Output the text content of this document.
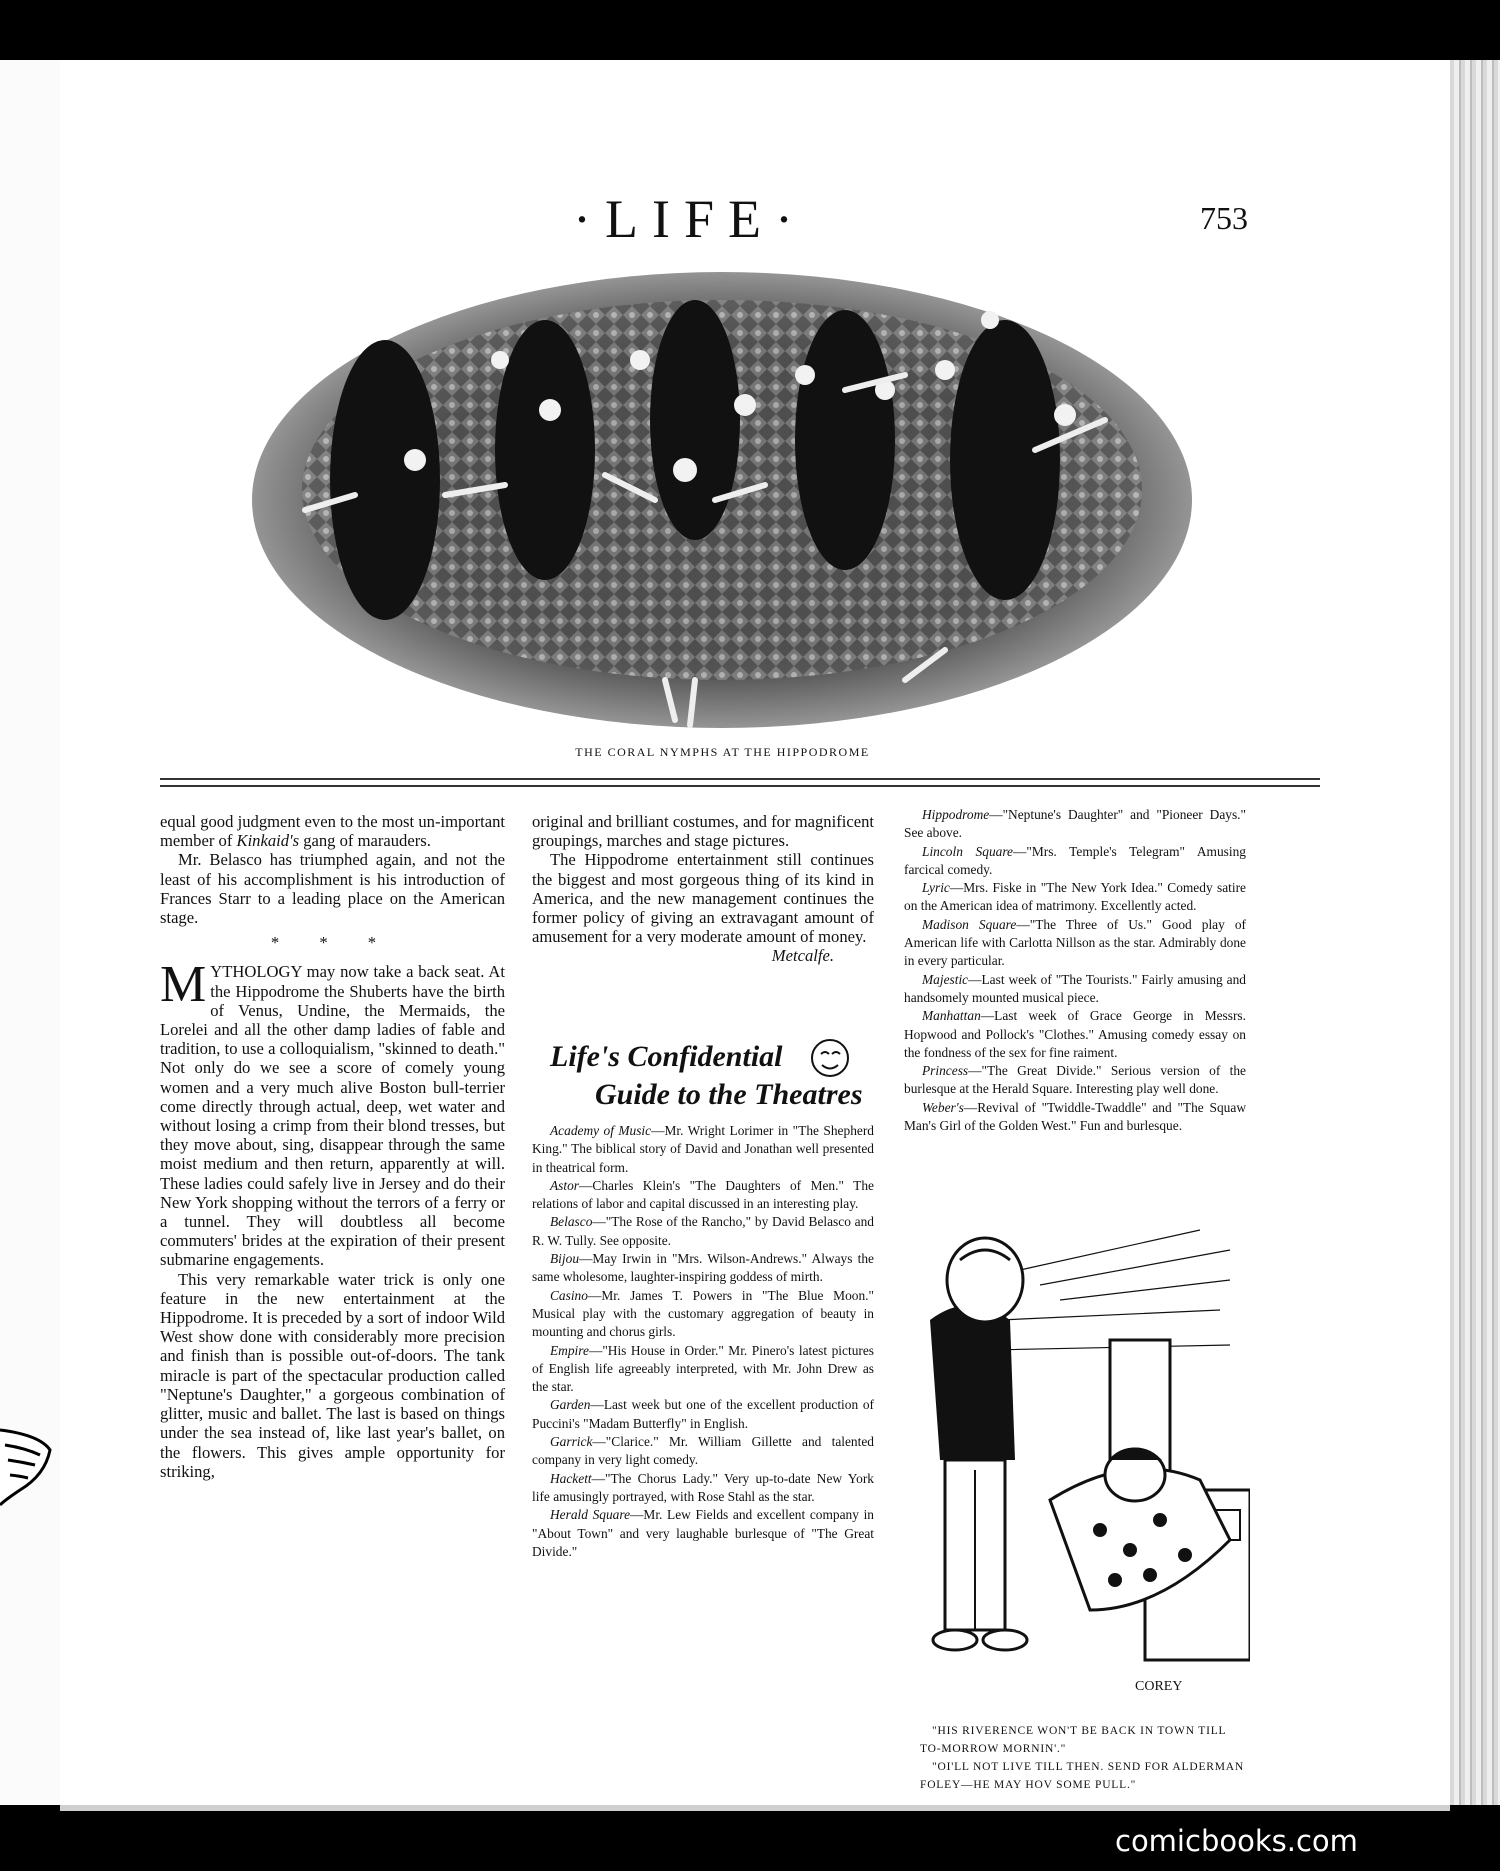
·LIFE·	753
THE CORAL NYMPHS AT THE HIPPODROME

equal good judgment even to the most un-important member of Kinkaid's gang of marauders.

Mr. Belasco has triumphed again, and not the least of his accomplishment is his introduction of Frances Starr to a leading place on the American stage.

* * *

MYTHOLOGY may now take a back seat. At the Hippodrome the Shuberts have the birth of Venus, Undine, the Mermaids, the Lorelei and all the other damp ladies of fable and tradition, to use a colloquialism, "skinned to death." Not only do we see a score of comely young women and a very much alive Boston bull-terrier come directly through actual, deep, wet water and without losing a crimp from their blond tresses, but they move about, sing, disappear through the same moist medium and then return, apparently at will. These ladies could safely live in Jersey and do their New York shopping without the terrors of a ferry or a tunnel. They will doubtless all become commuters' brides at the expiration of their present submarine engagements.

This very remarkable water trick is only one feature in the new entertainment at the Hippodrome. It is preceded by a sort of indoor Wild West show done with considerably more precision and finish than is possible out-of-doors. The tank miracle is part of the spectacular production called "Neptune's Daughter," a gorgeous combination of glitter, music and ballet. The last is based on things under the sea instead of, like last year's ballet, on the flowers. This gives ample opportunity for striking,

original and brilliant costumes, and for magnificent groupings, marches and stage pictures.

The Hippodrome entertainment still continues the biggest and most gorgeous thing of its kind in America, and the new management continues the former policy of giving an extravagant amount of amusement for a very moderate amount of money.

Metcalfe.
Life's Confidential
Guide to the Theatres

Academy of Music—Mr. Wright Lorimer in "The Shepherd King." The biblical story of David and Jonathan well presented in theatrical form.

Astor—Charles Klein's "The Daughters of Men." The relations of labor and capital discussed in an interesting play.

Belasco—"The Rose of the Rancho," by David Belasco and R. W. Tully. See opposite.

Bijou—May Irwin in "Mrs. Wilson-Andrews." Always the same wholesome, laughter-inspiring goddess of mirth.

Casino—Mr. James T. Powers in "The Blue Moon." Musical play with the customary aggregation of beauty in mounting and chorus girls.

Empire—"His House in Order." Mr. Pinero's latest pictures of English life agreeably interpreted, with Mr. John Drew as the star.

Garden—Last week but one of the excellent production of Puccini's "Madam Butterfly" in English.

Garrick—"Clarice." Mr. William Gillette and talented company in very light comedy.

Hackett—"The Chorus Lady." Very up-to-date New York life amusingly portrayed, with Rose Stahl as the star.

Herald Square—Mr. Lew Fields and excellent company in "About Town" and very laughable burlesque of "The Great Divide."

Hippodrome—"Neptune's Daughter" and "Pioneer Days." See above.

Lincoln Square—"Mrs. Temple's Telegram" Amusing farcical comedy.

Lyric—Mrs. Fiske in "The New York Idea." Comedy satire on the American idea of matrimony. Excellently acted.

Madison Square—"The Three of Us." Good play of American life with Carlotta Nillson as the star. Admirably done in every particular.

Majestic—Last week of "The Tourists." Fairly amusing and handsomely mounted musical piece.

Manhattan—Last week of Grace George in Messrs. Hopwood and Pollock's "Clothes." Amusing comedy essay on the fondness of the sex for fine raiment.

Princess—"The Great Divide." Serious version of the burlesque at the Herald Square. Interesting play well done.

Weber's—Revival of "Twiddle-Twaddle" and "The Squaw Man's Girl of the Golden West." Fun and burlesque.

COREY

"HIS RIVERENCE WON'T BE BACK IN TOWN TILL TO-MORROW MORNIN'."

"OI'LL NOT LIVE TILL THEN. SEND FOR ALDERMAN FOLEY—HE MAY HOV SOME PULL."

comicbooks.com
